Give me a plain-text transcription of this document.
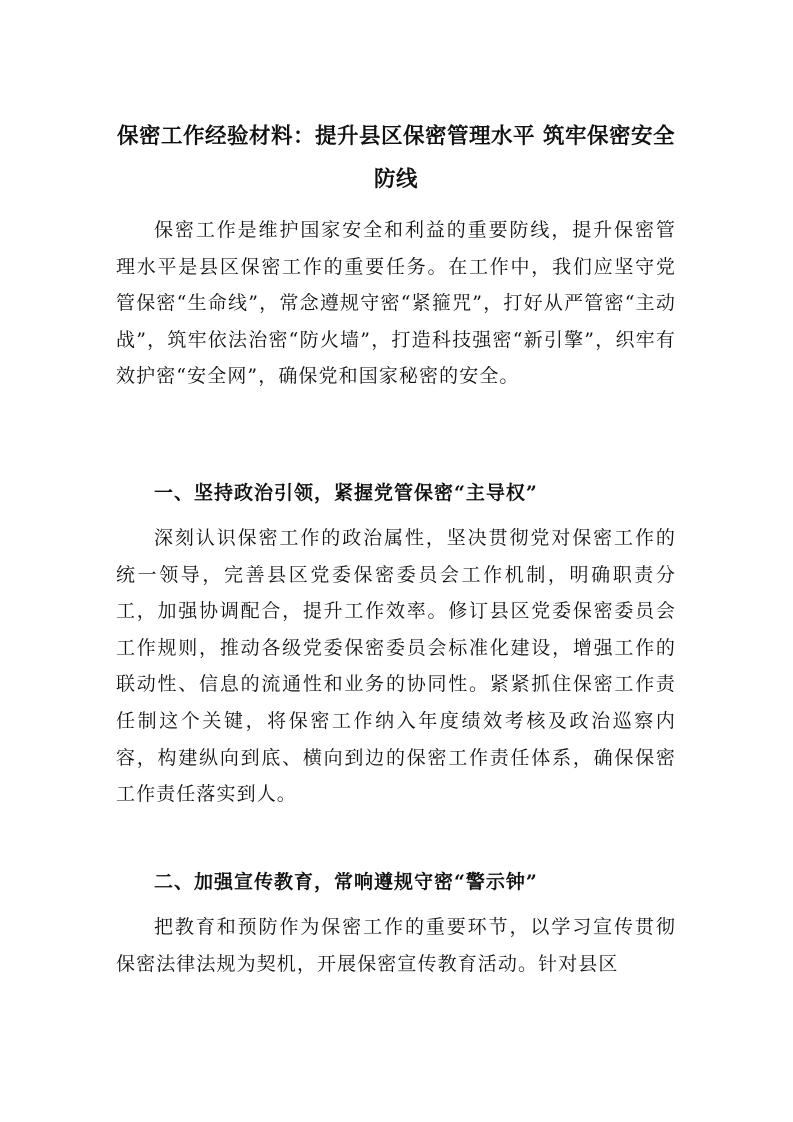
保密工作经验材料：提升县区保密管理水平 筑牢保密安全
防线

保密工作是维护国家安全和利益的重要防线，提升保密管理水平是县区保密工作的重要任务。在工作中，我们应坚守党管保密“生命线”，常念遵规守密“紧箍咒”，打好从严管密“主动战”，筑牢依法治密“防火墙”，打造科技强密“新引擎”，织牢有效护密“安全网”，确保党和国家秘密的安全。

一、坚持政治引领，紧握党管保密“主导权”

深刻认识保密工作的政治属性，坚决贯彻党对保密工作的统一领导，完善县区党委保密委员会工作机制，明确职责分工，加强协调配合，提升工作效率。修订县区党委保密委员会工作规则，推动各级党委保密委员会标准化建设，增强工作的联动性、信息的流通性和业务的协同性。紧紧抓住保密工作责任制这个关键，将保密工作纳入年度绩效考核及政治巡察内容，构建纵向到底、横向到边的保密工作责任体系，确保保密工作责任落实到人。

二、加强宣传教育，常响遵规守密“警示钟”

把教育和预防作为保密工作的重要环节，以学习宣传贯彻保密法律法规为契机，开展保密宣传教育活动。针对县区
